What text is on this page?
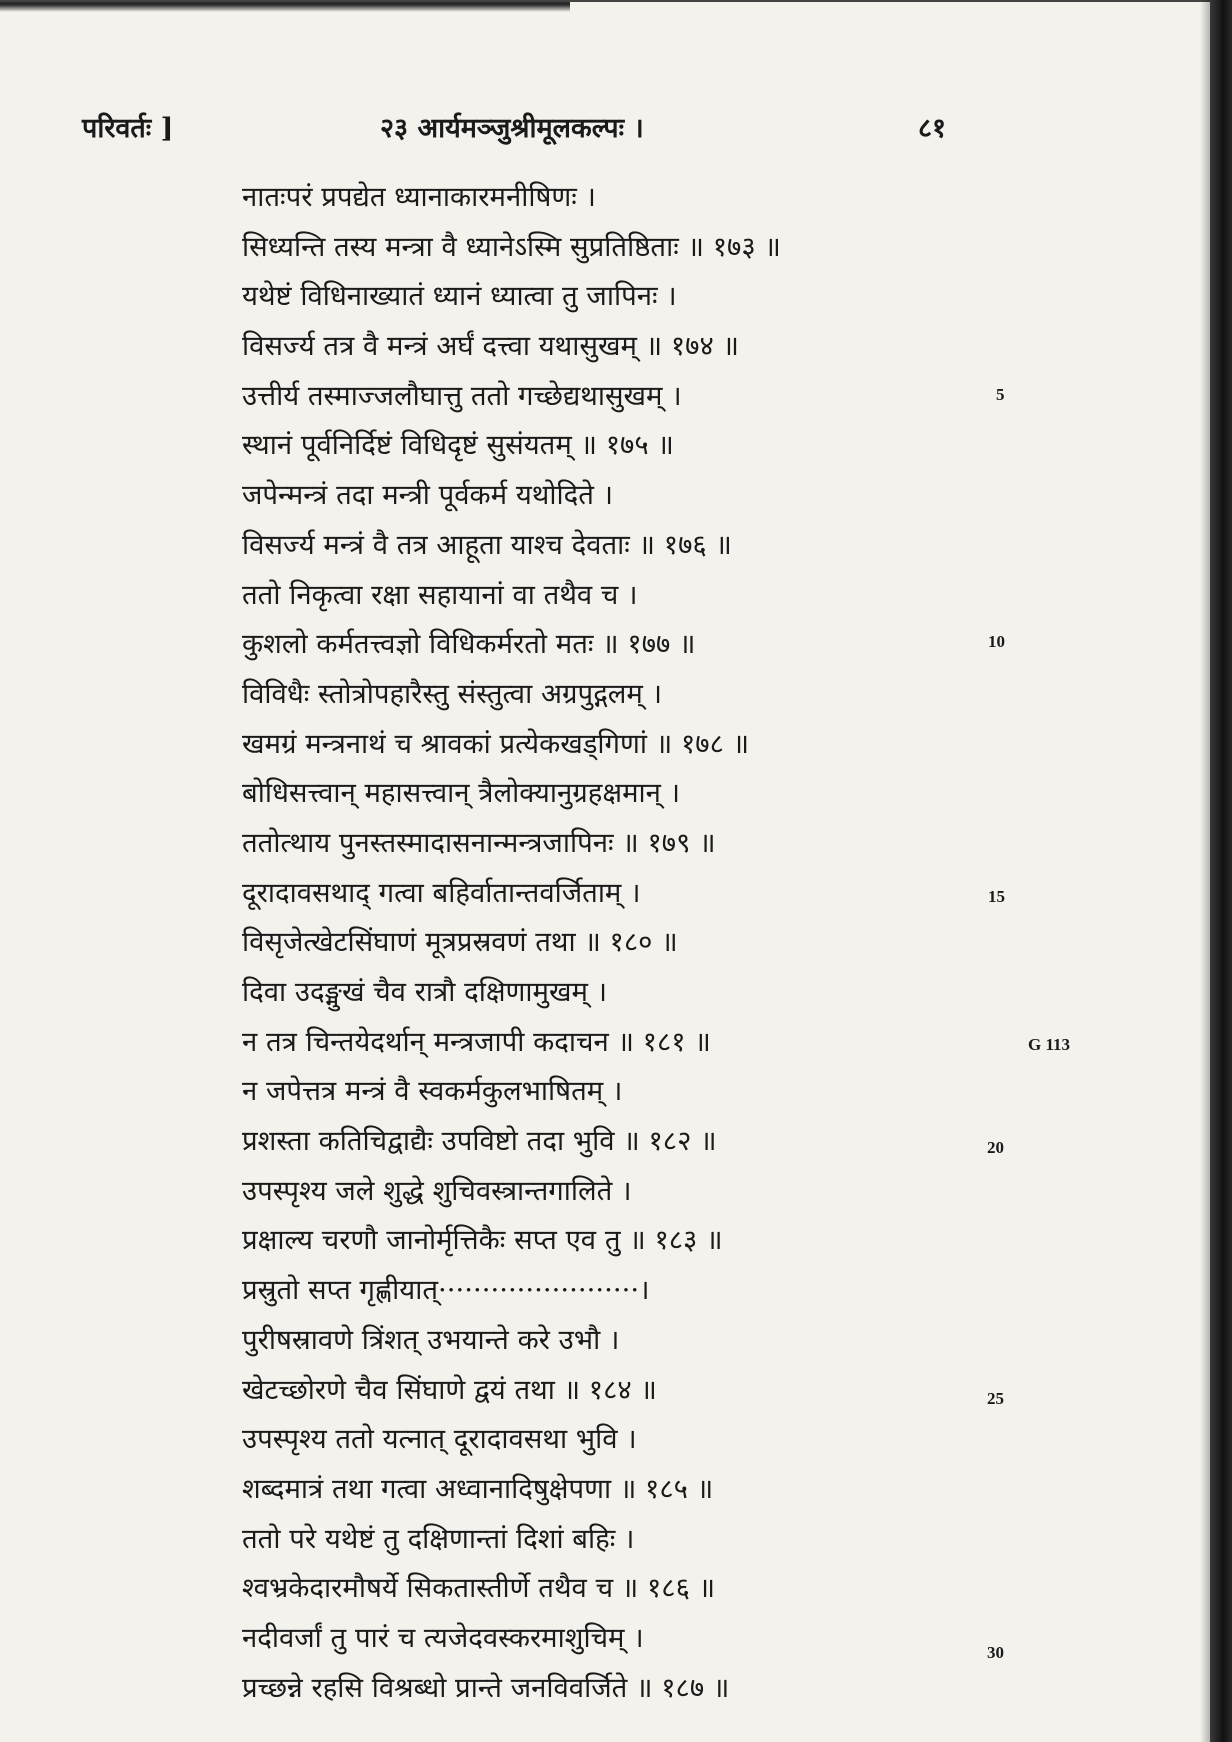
परिवर्तः ]	२३ आर्यमञ्जुश्रीमूलकल्पः ।	८१
नातःपरं प्रपद्येत ध्यानाकारमनीषिणः ।
सिध्यन्ति तस्य मन्त्रा वै ध्यानेऽस्मि सुप्रतिष्ठिताः ॥ १७३ ॥
यथेष्टं विधिनाख्यातं ध्यानं ध्यात्वा तु जापिनः ।
विसर्ज्य तत्र वै मन्त्रं अर्घं दत्त्वा यथासुखम् ॥ १७४ ॥
उत्तीर्य तस्माज्जलौघात्तु ततो गच्छेद्यथासुखम् ।
स्थानं पूर्वनिर्दिष्टं विधिदृष्टं सुसंयतम् ॥ १७५ ॥
जपेन्मन्त्रं तदा मन्त्री पूर्वकर्म यथोदिते ।
विसर्ज्य मन्त्रं वै तत्र आहूता याश्च देवताः ॥ १७६ ॥
ततो निकृत्वा रक्षा सहायानां वा तथैव च ।
कुशलो कर्मतत्त्वज्ञो विधिकर्मरतो मतः ॥ १७७ ॥
विविधैः स्तोत्रोपहारैस्तु संस्तुत्वा अग्रपुद्गलम् ।
खमग्रं मन्त्रनाथं च श्रावकां प्रत्येकखड्गिणां ॥ १७८ ॥
बोधिसत्त्वान् महासत्त्वान् त्रैलोक्यानुग्रहक्षमान् ।
ततोत्थाय पुनस्तस्मादासनान्मन्त्रजापिनः ॥ १७९ ॥
दूरादावसथाद् गत्वा बहिर्वातान्तवर्जिताम् ।
विसृजेत्खेटसिंघाणं मूत्रप्रस्रवणं तथा ॥ १८० ॥
दिवा उदङ्मुखं चैव रात्रौ दक्षिणामुखम् ।
न तत्र चिन्तयेदर्थान् मन्त्रजापी कदाचन ॥ १८१ ॥
न जपेत्तत्र मन्त्रं वै स्वकर्मकुलभाषितम् ।
प्रशस्ता कतिचिद्वाद्यैः उपविष्टो तदा भुवि ॥ १८२ ॥
उपस्पृश्य जले शुद्धे शुचिवस्त्रान्तगालिते ।
प्रक्षाल्य चरणौ जानोर्मृत्तिकैः सप्त एव तु ॥ १८३ ॥
प्रस्रुतो सप्त गृह्णीयात्·······················।
पुरीषस्रावणे त्रिंशत् उभयान्ते करे उभौ ।
खेटच्छोरणे चैव सिंघाणे द्वयं तथा ॥ १८४ ॥
उपस्पृश्य ततो यत्नात् दूरादावसथा भुवि ।
शब्दमात्रं तथा गत्वा अध्वानादिषुक्षेपणा ॥ १८५ ॥
ततो परे यथेष्टं तु दक्षिणान्तां दिशां बहिः ।
श्वभ्रकेदारमौषर्ये सिकतास्तीर्णे तथैव च ॥ १८६ ॥
नदीवर्जां तु पारं च त्यजेदवस्करमाशुचिम् ।
प्रच्छन्ने रहसि विश्रब्धो प्रान्ते जनविवर्जिते ॥ १८७ ॥
5
10
15
G 113
20
25
30
